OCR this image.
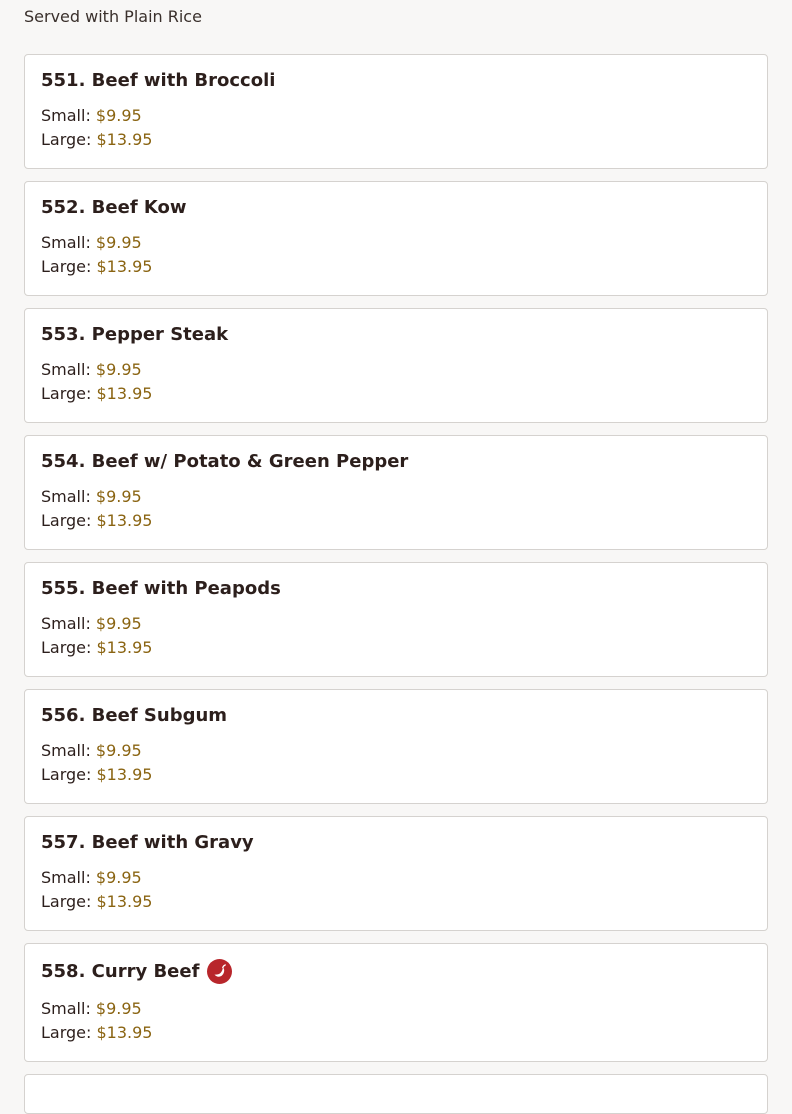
Served with Plain Rice
551. Beef with Broccoli
Small: $9.95
Large: $13.95
552. Beef Kow
Small: $9.95
Large: $13.95
553. Pepper Steak
Small: $9.95
Large: $13.95
554. Beef w/ Potato & Green Pepper
Small: $9.95
Large: $13.95
555. Beef with Peapods
Small: $9.95
Large: $13.95
556. Beef Subgum
Small: $9.95
Large: $13.95
557. Beef with Gravy
Small: $9.95
Large: $13.95
558. Curry Beef
Small: $9.95
Large: $13.95
